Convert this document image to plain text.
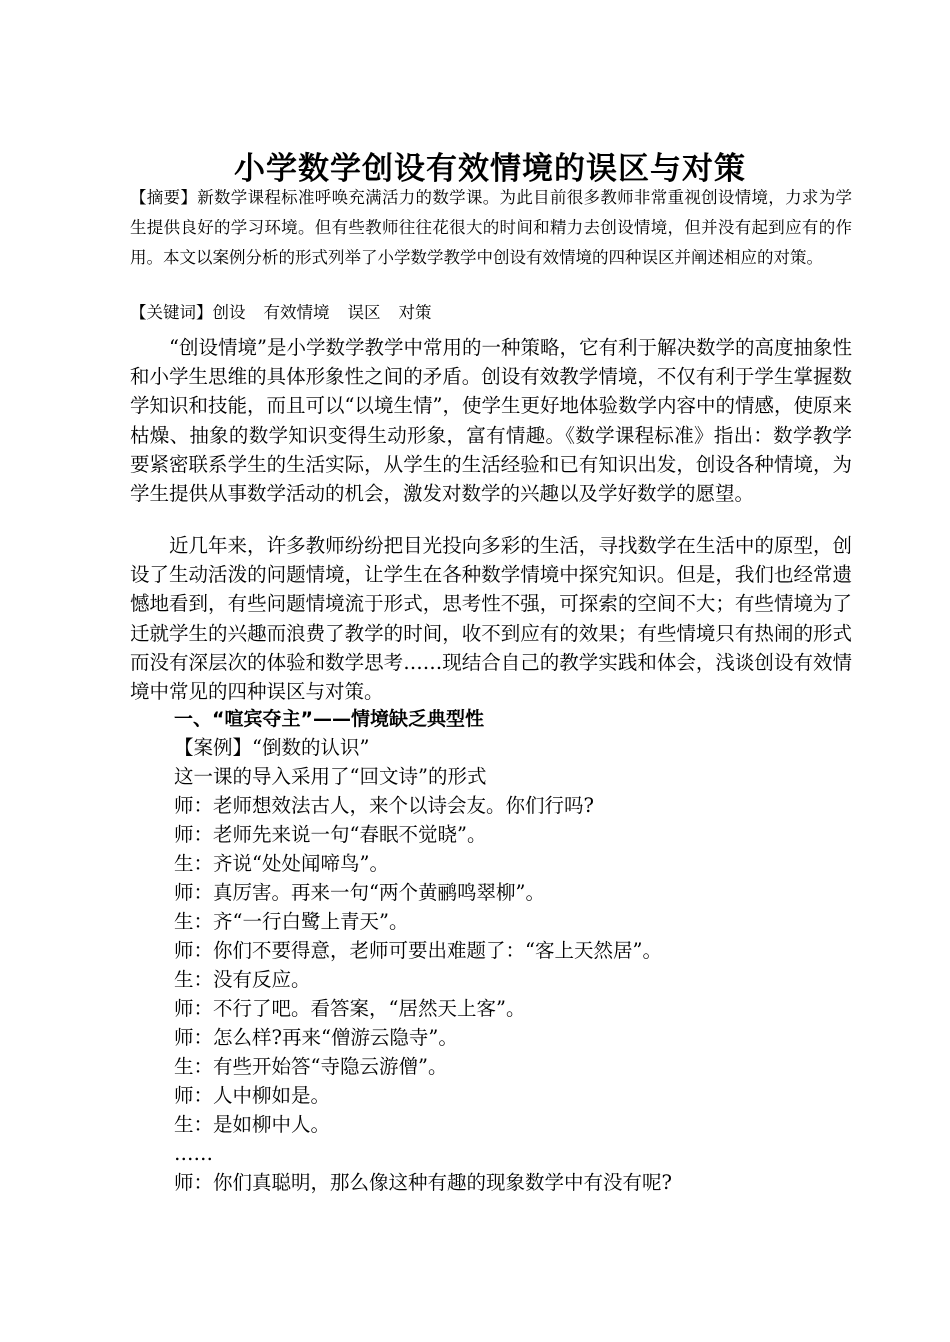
小学数学创设有效情境的误区与对策

【摘要】新数学课程标准呼唤充满活力的数学课。为此目前很多教师非常重视创设情境，力求为学生提供良好的学习环境。但有些教师往往花很大的时间和精力去创设情境，但并没有起到应有的作用。本文以案例分析的形式列举了小学数学教学中创设有效情境的四种误区并阐述相应的对策。

【关键词】创设 有效情境 误区 对策

“创设情境”是小学数学教学中常用的一种策略，它有利于解决数学的高度抽象性和小学生思维的具体形象性之间的矛盾。创设有效教学情境，不仅有利于学生掌握数学知识和技能，而且可以“以境生情”，使学生更好地体验数学内容中的情感，使原来枯燥、抽象的数学知识变得生动形象，富有情趣。《数学课程标准》指出：数学教学要紧密联系学生的生活实际，从学生的生活经验和已有知识出发，创设各种情境，为学生提供从事数学活动的机会，激发对数学的兴趣以及学好数学的愿望。

近几年来，许多教师纷纷把目光投向多彩的生活，寻找数学在生活中的原型，创设了生动活泼的问题情境，让学生在各种数学情境中探究知识。但是，我们也经常遗憾地看到，有些问题情境流于形式，思考性不强，可探索的空间不大；有些情境为了迁就学生的兴趣而浪费了教学的时间，收不到应有的效果；有些情境只有热闹的形式而没有深层次的体验和数学思考……现结合自己的教学实践和体会，浅谈创设有效情境中常见的四种误区与对策。

一、“喧宾夺主”——情境缺乏典型性
【案例】“倒数的认识”
这一课的导入采用了“回文诗”的形式
师：老师想效法古人，来个以诗会友。你们行吗?
师：老师先来说一句“春眠不觉晓”。
生：齐说“处处闻啼鸟”。
师：真厉害。再来一句“两个黄鹂鸣翠柳”。
生：齐“一行白鹭上青天”。
师：你们不要得意，老师可要出难题了：“客上天然居”。
生：没有反应。
师：不行了吧。看答案，“居然天上客”。
师：怎么样?再来“僧游云隐寺”。
生：有些开始答“寺隐云游僧”。
师：人中柳如是。
生：是如柳中人。
……
师：你们真聪明，那么像这种有趣的现象数学中有没有呢?
